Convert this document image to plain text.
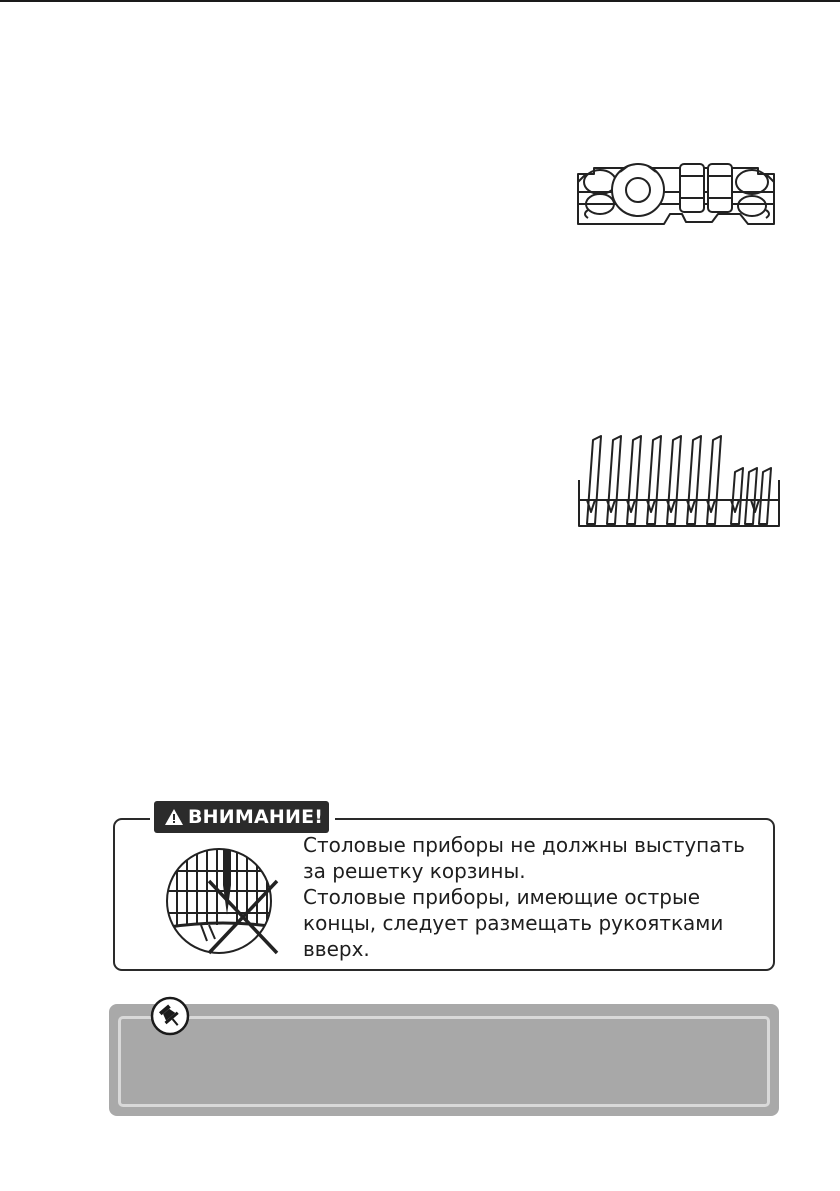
ВНИМАНИЕ!

Столовые приборы не должны выступать за решетку корзины.

Столовые приборы, имеющие острые концы, следует размещать рукоятками вверх.
